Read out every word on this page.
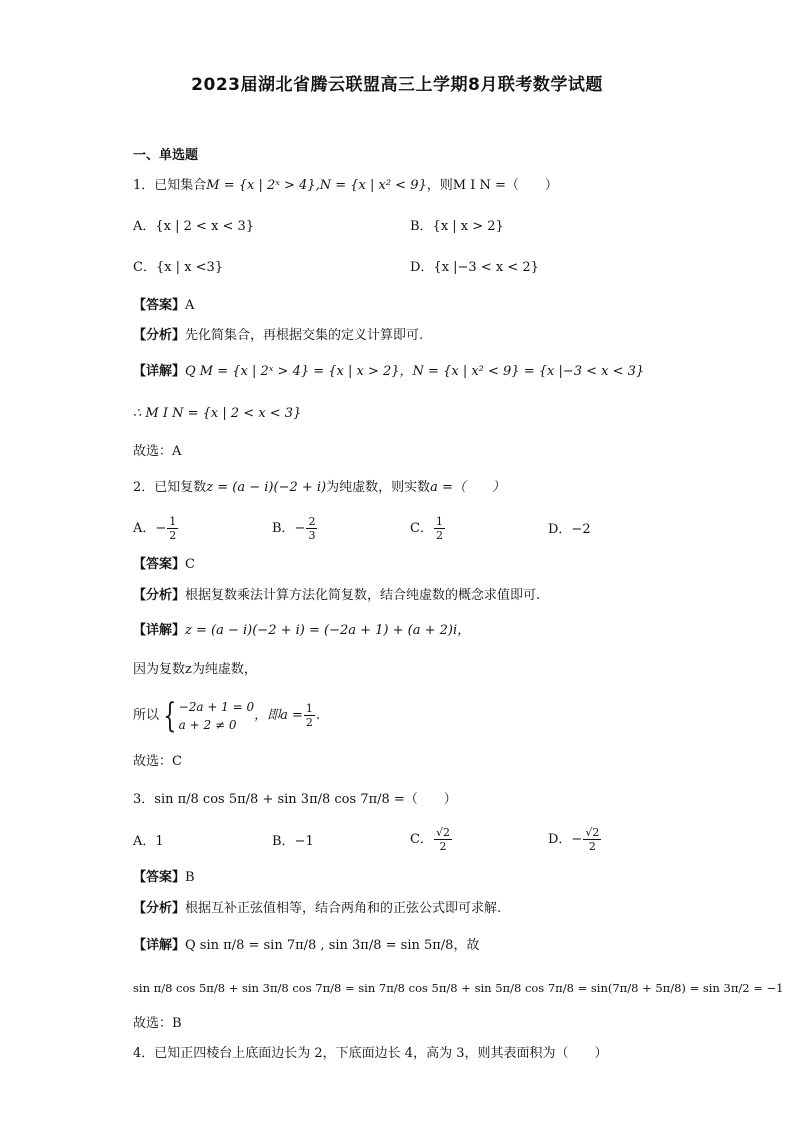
2023届湖北省腾云联盟高三上学期8月联考数学试题
一、单选题
1．已知集合M = {x | 2ˣ > 4},N = {x | x² < 9}，则M I N =（　　）
A．{x | 2 < x < 3}	B．{x | x > 2}
C．{x | x <3}	D．{x |−3 < x < 2}
【答案】A
【分析】先化简集合，再根据交集的定义计算即可.
【详解】Q M = {x | 2ˣ > 4} = {x | x > 2}，N = {x | x² < 9} = {x |−3 < x < 3}
∴ M I N = {x | 2 < x < 3}
故选：A
2．已知复数z = (a − i)(−2 + i)为纯虚数，则实数a =（　　）
A．− $\frac{1}{2}$	B．− $\frac{2}{3}$	C． $\frac{1}{2}$	D．−2
【答案】C
【分析】根据复数乘法计算方法化简复数，结合纯虚数的概念求值即可.
【详解】z = (a − i)(−2 + i) = (−2a + 1) + (a + 2)i，
因为复数z为纯虚数，
所以 { −2a + 1 = 0
a + 2 ≠ 0
，即$a = \frac{1}{2}$ .
故选：C
3．sin π/8 cos 5π/8 + sin 3π/8 cos 7π/8 =（　　）
A．1	B．−1	C． $\frac{√2}{2}$	D．− $\frac{√2}{2}$
【答案】B
【分析】根据互补正弦值相等，结合两角和的正弦公式即可求解.
【详解】Q sin π/8 = sin 7π/8 , sin 3π/8 = sin 5π/8，故
sin π/8 cos 5π/8 + sin 3π/8 cos 7π/8 = sin 7π/8 cos 5π/8 + sin 5π/8 cos 7π/8 = sin(7π/8 + 5π/8) = sin 3π/2 = −1
故选：B
4．已知正四棱台上底面边长为 2，下底面边长 4，高为 3，则其表面积为（　　）
